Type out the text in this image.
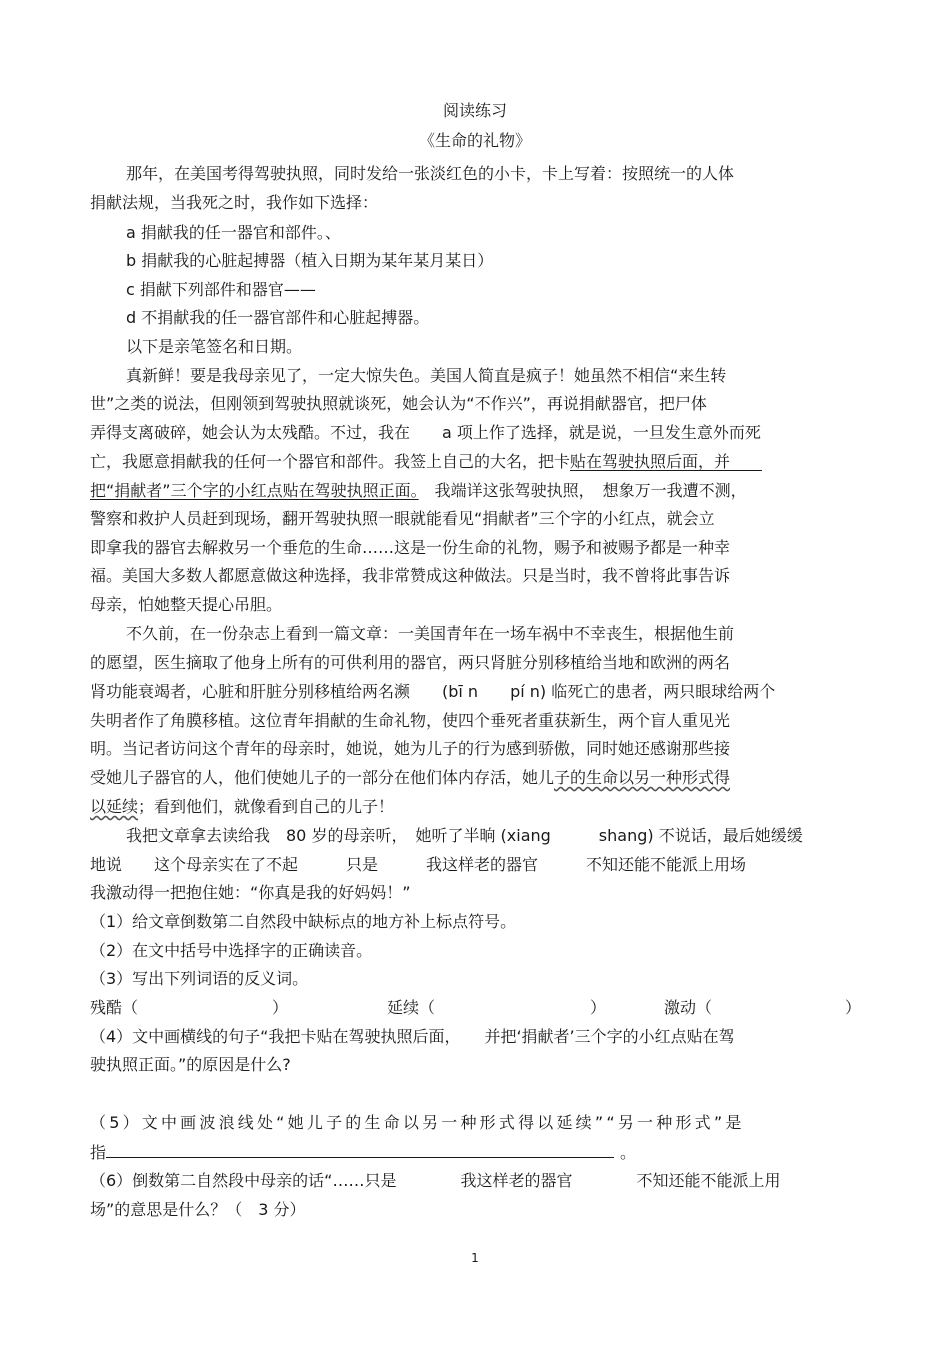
阅读练习
《生命的礼物》
那年，在美国考得驾驶执照，同时发给一张淡红色的小卡，卡上写着：按照统一的人体
捐献法规，当我死之时，我作如下选择：
a 捐献我的任一器官和部件。、
b 捐献我的心脏起搏器（植入日期为某年某月某日）
c 捐献下列部件和器官——
d 不捐献我的任一器官部件和心脏起搏器。
以下是亲笔签名和日期。
真新鲜！要是我母亲见了，一定大惊失色。美国人简直是疯子！她虽然不相信“来生转
世”之类的说法，但刚领到驾驶执照就谈死，她会认为“不作兴”，再说捐献器官，把尸体
弄得支离破碎，她会认为太残酷。不过，我在　　a 项上作了选择，就是说，一旦发生意外而死
亡，我愿意捐献我的任何一个器官和部件。我签上自己的大名，把卡贴在驾驶执照后面，并　　
把“捐献者”三个字的小红点贴在驾驶执照正面。　我端详这张驾驶执照，　想象万一我遭不测，
警察和救护人员赶到现场，翻开驾驶执照一眼就能看见“捐献者”三个字的小红点，就会立
即拿我的器官去解救另一个垂危的生命……这是一份生命的礼物，赐予和被赐予都是一种幸
福。美国大多数人都愿意做这种选择，我非常赞成这种做法。只是当时，我不曾将此事告诉
母亲，怕她整天提心吊胆。
不久前，在一份杂志上看到一篇文章：一美国青年在一场车祸中不幸丧生，根据他生前
的愿望，医生摘取了他身上所有的可供利用的器官，两只肾脏分别移植给当地和欧洲的两名
肾功能衰竭者，心脏和肝脏分别移植给两名濒　　(bī n　　pí n) 临死亡的患者，两只眼球给两个
失明者作了角膜移植。这位青年捐献的生命礼物，使四个垂死者重获新生，两个盲人重见光
明。当记者访问这个青年的母亲时，她说，她为儿子的行为感到骄傲，同时她还感谢那些接
受她儿子器官的人，他们使她儿子的一部分在他们体内存活，她儿子的生命以另一种形式得
以延续；看到他们，就像看到自己的儿子！
我把文章拿去读给我　80 岁的母亲听，　她听了半晌 (xiang　　　shang) 不说话，最后她缓缓
地说　　这个母亲实在了不起　　　只是　　　我这样老的器官　　　不知还能不能派上用场
我激动得一把抱住她：“你真是我的好妈妈！”
（1）给文章倒数第二自然段中缺标点的地方补上标点符号。
（2）在文中括号中选择字的正确读音。
（3）写出下列词语的反义词。
残酷（	）	延续（	）	激动（	）
（4）文中画横线的句子“我把卡贴在驾驶执照后面，　　并把‘捐献者’三个字的小红点贴在驾
驶执照正面。”的原因是什么?
（5）文中画波浪线处“她儿子的生命以另一种形式得以延续”“另一种形式”是
指	。
（6）倒数第二自然段中母亲的话“……只是　　　　我这样老的器官　　　　不知还能不能派上用
场”的意思是什么？（　3 分）
1
